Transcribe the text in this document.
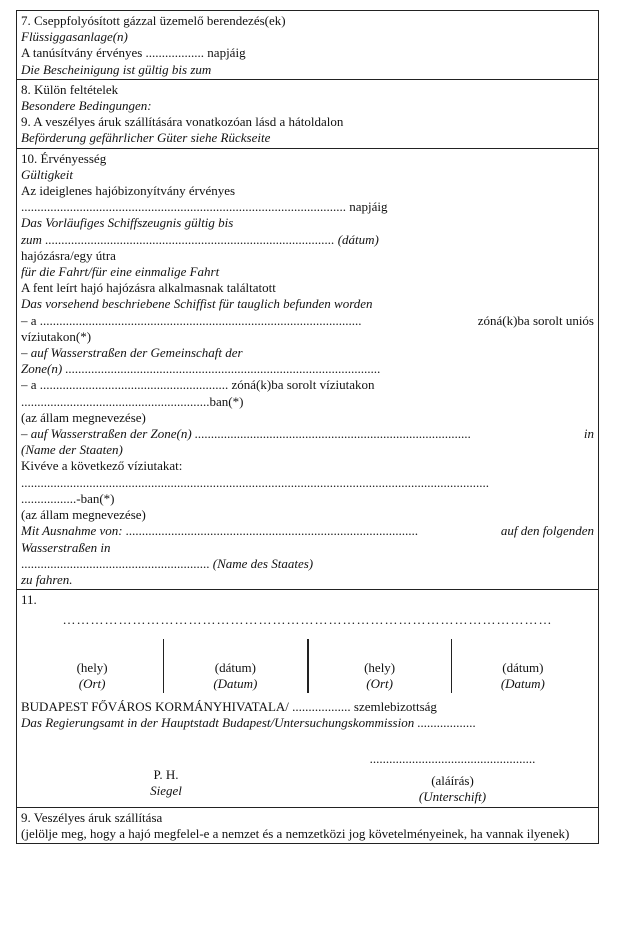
7. Cseppfolyósított gázzal üzemelő berendezés(ek)
Flüssiggasanlage(n)
A tanúsítvány érvényes .................. napjáig
Die Bescheinigung ist gültig bis zum
8. Külön feltételek
Besondere Bedingungen:
9. A veszélyes áruk szállítására vonatkozóan lásd a hátoldalon
Beförderung gefährlicher Güter siehe Rückseite
10. Érvényesség
Gültigkeit
Az ideiglenes hajóbizonyítvány érvényes
.................................................................................................... napjáig
Das Vorläufiges Schiffszeugnis gültig bis
zum ......................................................................................... (dátum)
hajózásra/egy útra
für die Fahrt/für eine einmalige Fahrt
A fent leírt hajó hajózásra alkalmasnak találtatott
Das vorsehend beschriebene Schiffist für tauglich befunden worden
– a ...................................................................................................	zóná(k)ba sorolt uniós
víziutakon(*)
– auf Wasserstraßen der Gemeinschaft der
Zone(n) .................................................................................................
– a .......................................................... zóná(k)ba sorolt víziutakon
..........................................................ban(*)
(az állam megnevezése)
– auf Wasserstraßen der Zone(n) .....................................................................................	in
(Name der Staaten)
Kivéve a következő víziutakat:
................................................................................................................................................
.................-ban(*)
(az állam megnevezése)
Mit Ausnahme von: ..........................................................................................	auf den folgenden
Wasserstraßen in
.......................................................... (Name des Staates)
zu fahren.
11.
……………………………………………………………………………………………
(hely)
(Ort)
(dátum)
(Datum)
(hely)
(Ort)
(dátum)
(Datum)
BUDAPEST FŐVÁROS KORMÁNYHIVATALA/ .................. szemlebizottság
Das Regierungsamt in der Hauptstadt Budapest/Untersuchungskommission ..................
P. H.
Siegel
...................................................
(aláírás)
(Unterschift)
9. Veszélyes áruk szállítása
(jelölje meg, hogy a hajó megfelel-e a nemzet és a nemzetközi jog követelményeinek, ha vannak ilyenek)
